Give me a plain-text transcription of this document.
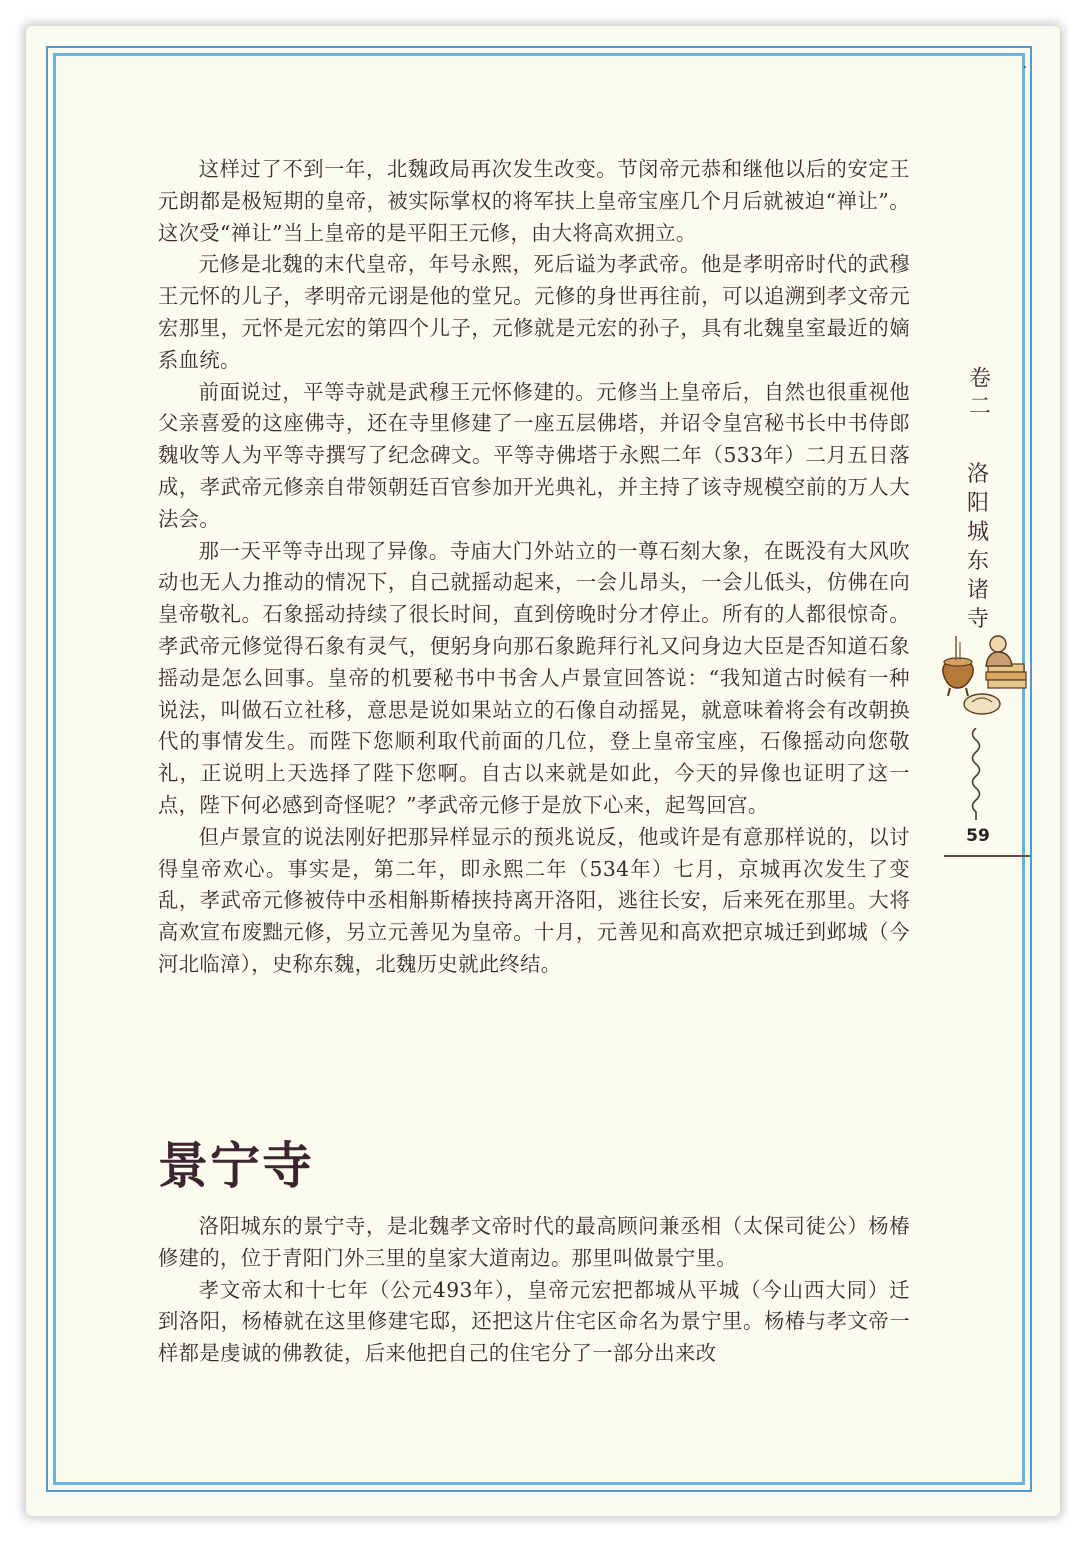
这样过了不到一年，北魏政局再次发生改变。节闵帝元恭和继他以后的安定王元朗都是极短期的皇帝，被实际掌权的将军扶上皇帝宝座几个月后就被迫“禅让”。这次受“禅让”当上皇帝的是平阳王元修，由大将高欢拥立。

元修是北魏的末代皇帝，年号永熙，死后谥为孝武帝。他是孝明帝时代的武穆王元怀的儿子，孝明帝元诩是他的堂兄。元修的身世再往前，可以追溯到孝文帝元宏那里，元怀是元宏的第四个儿子，元修就是元宏的孙子，具有北魏皇室最近的嫡系血统。

前面说过，平等寺就是武穆王元怀修建的。元修当上皇帝后，自然也很重视他父亲喜爱的这座佛寺，还在寺里修建了一座五层佛塔，并诏令皇宫秘书长中书侍郎魏收等人为平等寺撰写了纪念碑文。平等寺佛塔于永熙二年（533年）二月五日落成，孝武帝元修亲自带领朝廷百官参加开光典礼，并主持了该寺规模空前的万人大法会。

那一天平等寺出现了异像。寺庙大门外站立的一尊石刻大象，在既没有大风吹动也无人力推动的情况下，自己就摇动起来，一会儿昂头，一会儿低头，仿佛在向皇帝敬礼。石象摇动持续了很长时间，直到傍晚时分才停止。所有的人都很惊奇。孝武帝元修觉得石象有灵气，便躬身向那石象跪拜行礼又问身边大臣是否知道石象摇动是怎么回事。皇帝的机要秘书中书舍人卢景宣回答说：“我知道古时候有一种说法，叫做石立社移，意思是说如果站立的石像自动摇晃，就意味着将会有改朝换代的事情发生。而陛下您顺利取代前面的几位，登上皇帝宝座，石像摇动向您敬礼，正说明上天选择了陛下您啊。自古以来就是如此，今天的异像也证明了这一点，陛下何必感到奇怪呢？”孝武帝元修于是放下心来，起驾回宫。

但卢景宣的说法刚好把那异样显示的预兆说反，他或许是有意那样说的，以讨得皇帝欢心。事实是，第二年，即永熙二年（534年）七月，京城再次发生了变乱，孝武帝元修被侍中丞相斛斯椿挟持离开洛阳，逃往长安，后来死在那里。大将高欢宣布废黜元修，另立元善见为皇帝。十月，元善见和高欢把京城迁到邺城（今河北临漳），史称东魏，北魏历史就此终结。

景宁寺

洛阳城东的景宁寺，是北魏孝文帝时代的最高顾问兼丞相（太保司徒公）杨椿修建的，位于青阳门外三里的皇家大道南边。那里叫做景宁里。

孝文帝太和十七年（公元493年），皇帝元宏把都城从平城（今山西大同）迁到洛阳，杨椿就在这里修建宅邸，还把这片住宅区命名为景宁里。杨椿与孝文帝一样都是虔诚的佛教徒，后来他把自己的住宅分了一部分出来改

卷二
洛
阳
城
东
诸
寺
59
